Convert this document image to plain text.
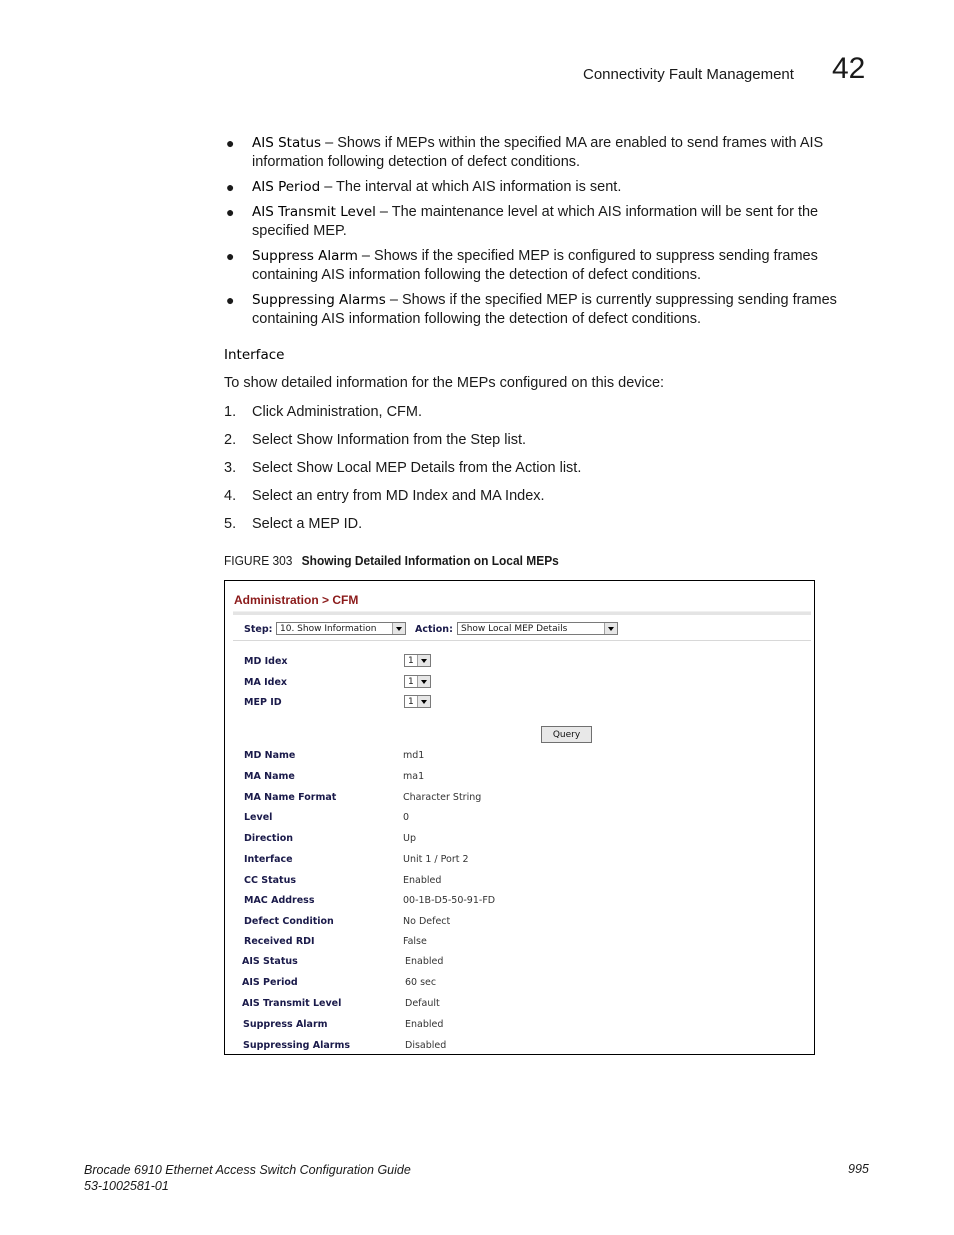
Connectivity Fault Management 42
● AIS Status – Shows if MEPs within the specified MA are enabled to send frames with AIS information following detection of defect conditions.
● AIS Period – The interval at which AIS information is sent.
● AIS Transmit Level – The maintenance level at which AIS information will be sent for the specified MEP.
● Suppress Alarm – Shows if the specified MEP is configured to suppress sending frames containing AIS information following the detection of defect conditions.
● Suppressing Alarms – Shows if the specified MEP is currently suppressing sending frames containing AIS information following the detection of defect conditions.
Interface
To show detailed information for the MEPs configured on this device:
1. Click Administration, CFM.
2. Select Show Information from the Step list.
3. Select Show Local MEP Details from the Action list.
4. Select an entry from MD Index and MA Index.
5. Select a MEP ID.
FIGURE 303 Showing Detailed Information on Local MEPs
Administration > CFM
Step: 10. Show Information	Action: Show Local MEP Details
MD Idex	1
MA Idex	1
MEP ID	1
Query
MD Name	md1
MA Name	ma1
MA Name Format	Character String
Level	0
Direction	Up
Interface	Unit 1 / Port 2
CC Status	Enabled
MAC Address	00-1B-D5-50-91-FD
Defect Condition	No Defect
Received RDI	False
AIS Status	Enabled
AIS Period	60 sec
AIS Transmit Level	Default
Suppress Alarm	Enabled
Suppressing Alarms	Disabled
Brocade 6910 Ethernet Access Switch Configuration Guide
53-1002581-01
995
